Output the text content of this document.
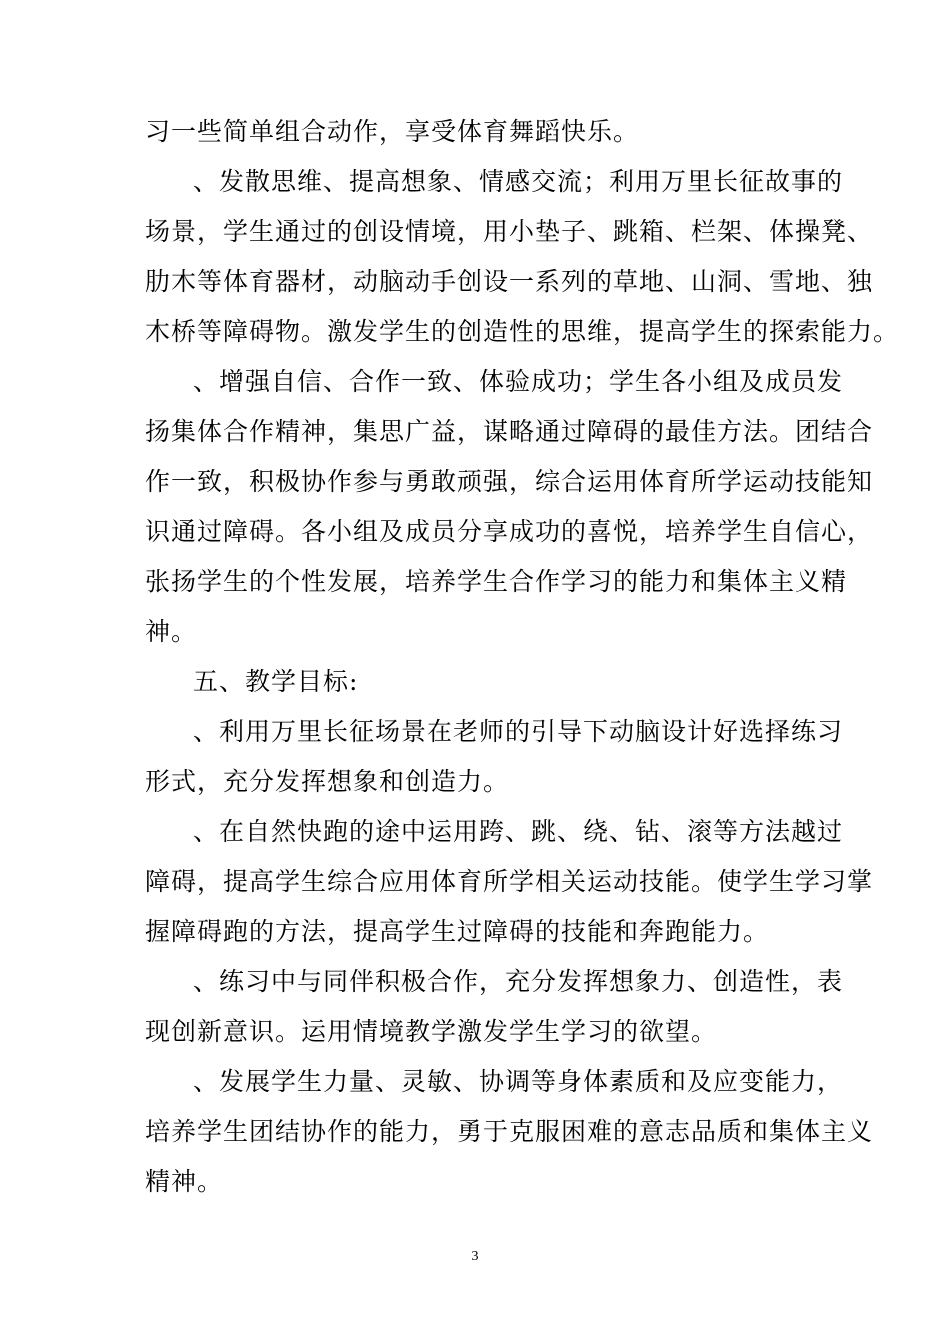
习一些简单组合动作，享受体育舞蹈快乐。
、发散思维、提高想象、情感交流；利用万里长征故事的
场景，学生通过的创设情境，用小垫子、跳箱、栏架、体操凳、
肋木等体育器材，动脑动手创设一系列的草地、山洞、雪地、独
木桥等障碍物。激发学生的创造性的思维，提高学生的探索能力。
、增强自信、合作一致、体验成功；学生各小组及成员发
扬集体合作精神，集思广益，谋略通过障碍的最佳方法。团结合
作一致，积极协作参与勇敢顽强，综合运用体育所学运动技能知
识通过障碍。各小组及成员分享成功的喜悦，培养学生自信心，
张扬学生的个性发展，培养学生合作学习的能力和集体主义精
神。
五、教学目标:
、利用万里长征场景在老师的引导下动脑设计好选择练习
形式，充分发挥想象和创造力。
、在自然快跑的途中运用跨、跳、绕、钻、滚等方法越过
障碍，提高学生综合应用体育所学相关运动技能。使学生学习掌
握障碍跑的方法，提高学生过障碍的技能和奔跑能力。
、练习中与同伴积极合作，充分发挥想象力、创造性，表
现创新意识。运用情境教学激发学生学习的欲望。
、发展学生力量、灵敏、协调等身体素质和及应变能力，
培养学生团结协作的能力，勇于克服困难的意志品质和集体主义
精神。
3
